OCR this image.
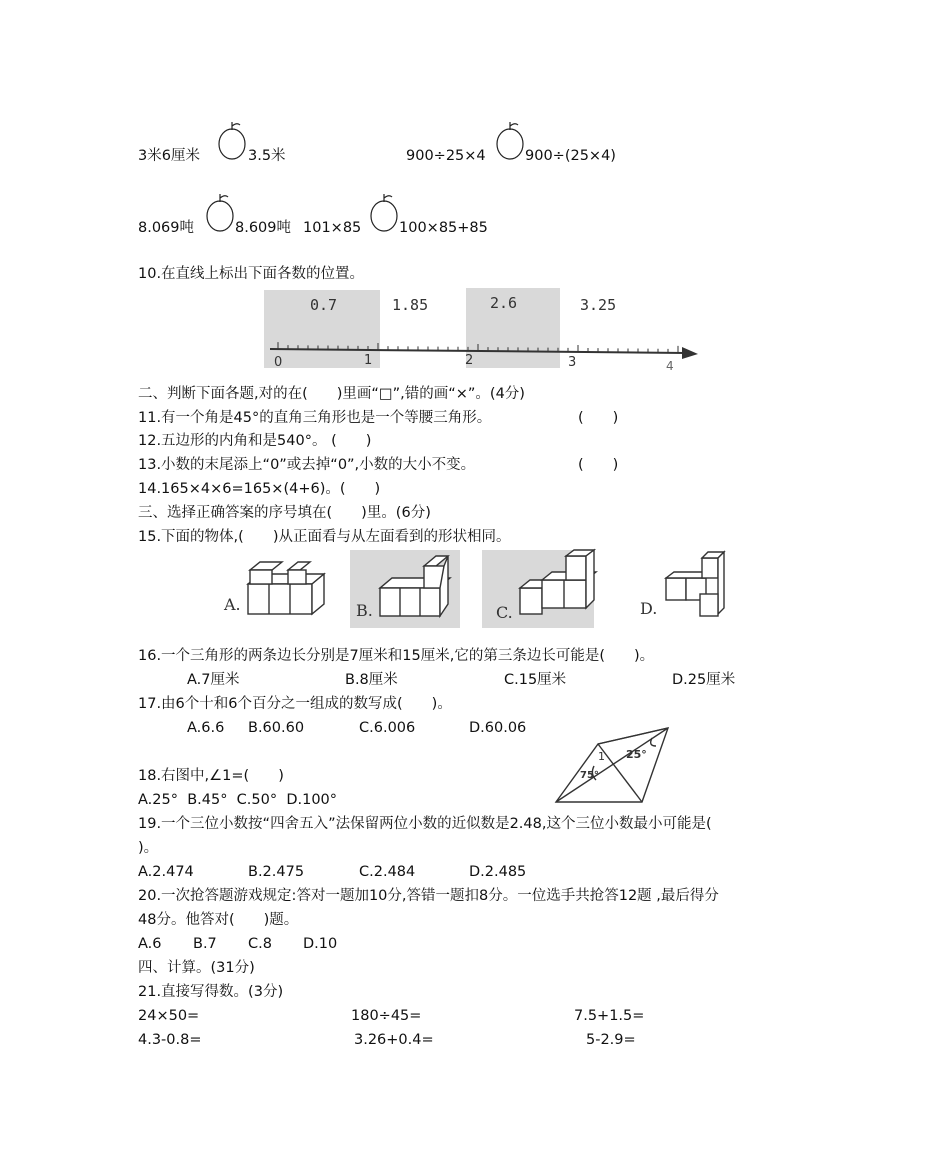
3米6厘米	3.5米	900÷25×4	900÷(25×4)
8.069吨	8.609吨 101×85	100×85+85
10.在直线上标出下面各数的位置。
0.7	1.85	2.6	3.25
0	1	2	3	4
二、判断下面各题,对的在(　　)里画“□”,错的画“×”。(4分)
11.有一个角是45°的直角三角形也是一个等腰三角形。	(　　)
12.五边形的内角和是540°。 (　　)
13.小数的末尾添上“0”或去掉“0”,小数的大小不变。	(　　)
14.165×4×6=165×(4+6)。(　　)
三、选择正确答案的序号填在(　　)里。(6分)
15.下面的物体,(　　)从正面看与从左面看到的形状相同。
A.	B.	C.	D.
16.一个三角形的两条边长分别是7厘米和15厘米,它的第三条边长可能是(　　)。
A.7厘米	B.8厘米	C.15厘米	D.25厘米
17.由6个十和6个百分之一组成的数写成(　　)。
A.6.6 B.60.60	C.6.006	D.60.06
1 25°
75°
18.右图中,∠1=(　　)
A.25°  B.45°  C.50°  D.100°
19.一个三位小数按“四舍五入”法保留两位小数的近似数是2.48,这个三位小数最小可能是(
)。
A.2.474	B.2.475	C.2.484	D.2.485
20.一次抢答题游戏规定:答对一题加10分,答错一题扣8分。一位选手共抢答12题 ,最后得分
48分。他答对(　　)题。
A.6 B.7 C.8 D.10
四、计算。(31分)
21.直接写得数。(3分)
24×50=	180÷45=	7.5+1.5=
4.3-0.8=	3.26+0.4=	5-2.9=
